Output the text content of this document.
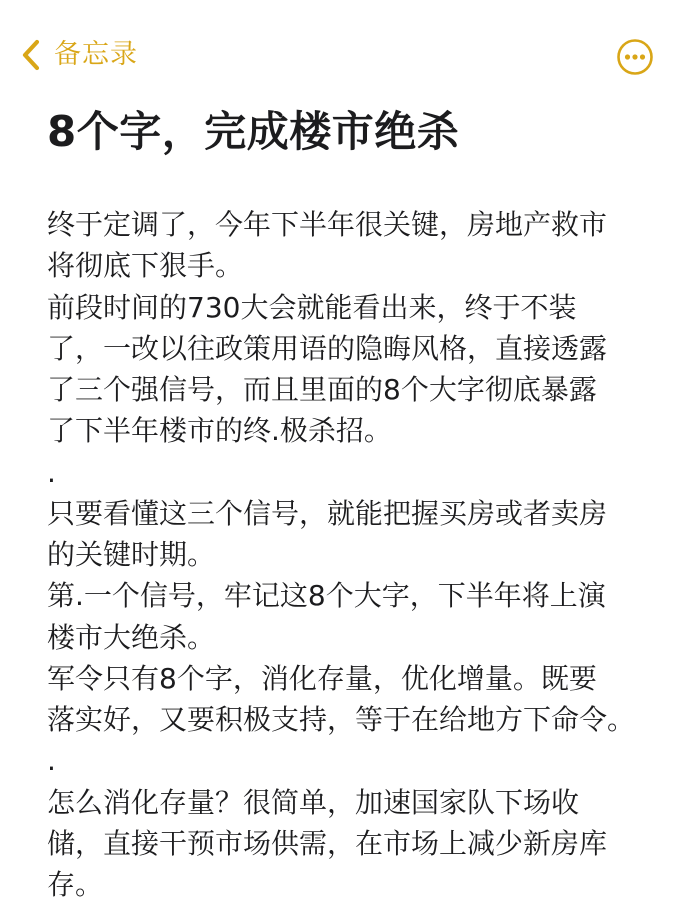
备忘录
8个字，完成楼市绝杀
终于定调了，今年下半年很关键，房地产救市
将彻底下狠手。
前段时间的730大会就能看出来，终于不装
了，一改以往政策用语的隐晦风格，直接透露
了三个强信号，而且里面的8个大字彻底暴露
了下半年楼市的终.极杀招。
.
只要看懂这三个信号，就能把握买房或者卖房
的关键时期。
第.一个信号，牢记这8个大字，下半年将上演
楼市大绝杀。
军令只有8个字，消化存量，优化增量。既要
落实好，又要积极支持，等于在给地方下命令。
.
怎么消化存量？很简单，加速国家队下场收
储，直接干预市场供需，在市场上减少新房库
存。
